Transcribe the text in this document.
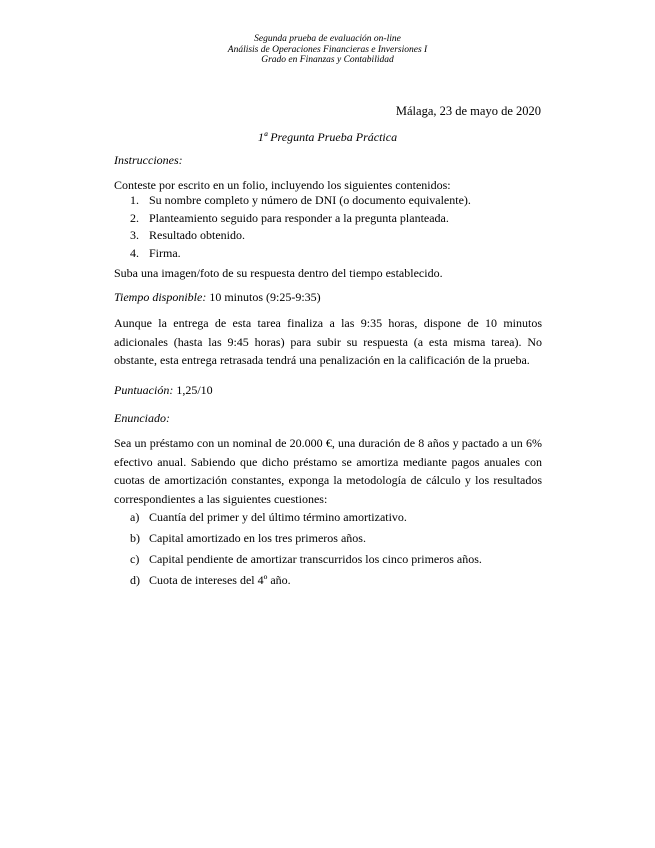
Segunda prueba de evaluación on-line
Análisis de Operaciones Financieras e Inversiones I
Grado en Finanzas y Contabilidad
Málaga, 23 de mayo de 2020
1ª Pregunta Prueba Práctica
Instrucciones:
Conteste por escrito en un folio, incluyendo los siguientes contenidos:
1. Su nombre completo y número de DNI (o documento equivalente).
2. Planteamiento seguido para responder a la pregunta planteada.
3. Resultado obtenido.
4. Firma.
Suba una imagen/foto de su respuesta dentro del tiempo establecido.
Tiempo disponible: 10 minutos (9:25-9:35)
Aunque la entrega de esta tarea finaliza a las 9:35 horas, dispone de 10 minutos adicionales (hasta las 9:45 horas) para subir su respuesta (a esta misma tarea). No obstante, esta entrega retrasada tendrá una penalización en la calificación de la prueba.
Puntuación: 1,25/10
Enunciado:
Sea un préstamo con un nominal de 20.000 €, una duración de 8 años y pactado a un 6% efectivo anual. Sabiendo que dicho préstamo se amortiza mediante pagos anuales con cuotas de amortización constantes, exponga la metodología de cálculo y los resultados correspondientes a las siguientes cuestiones:
a) Cuantía del primer y del último término amortizativo.
b) Capital amortizado en los tres primeros años.
c) Capital pendiente de amortizar transcurridos los cinco primeros años.
d) Cuota de intereses del 4º año.
